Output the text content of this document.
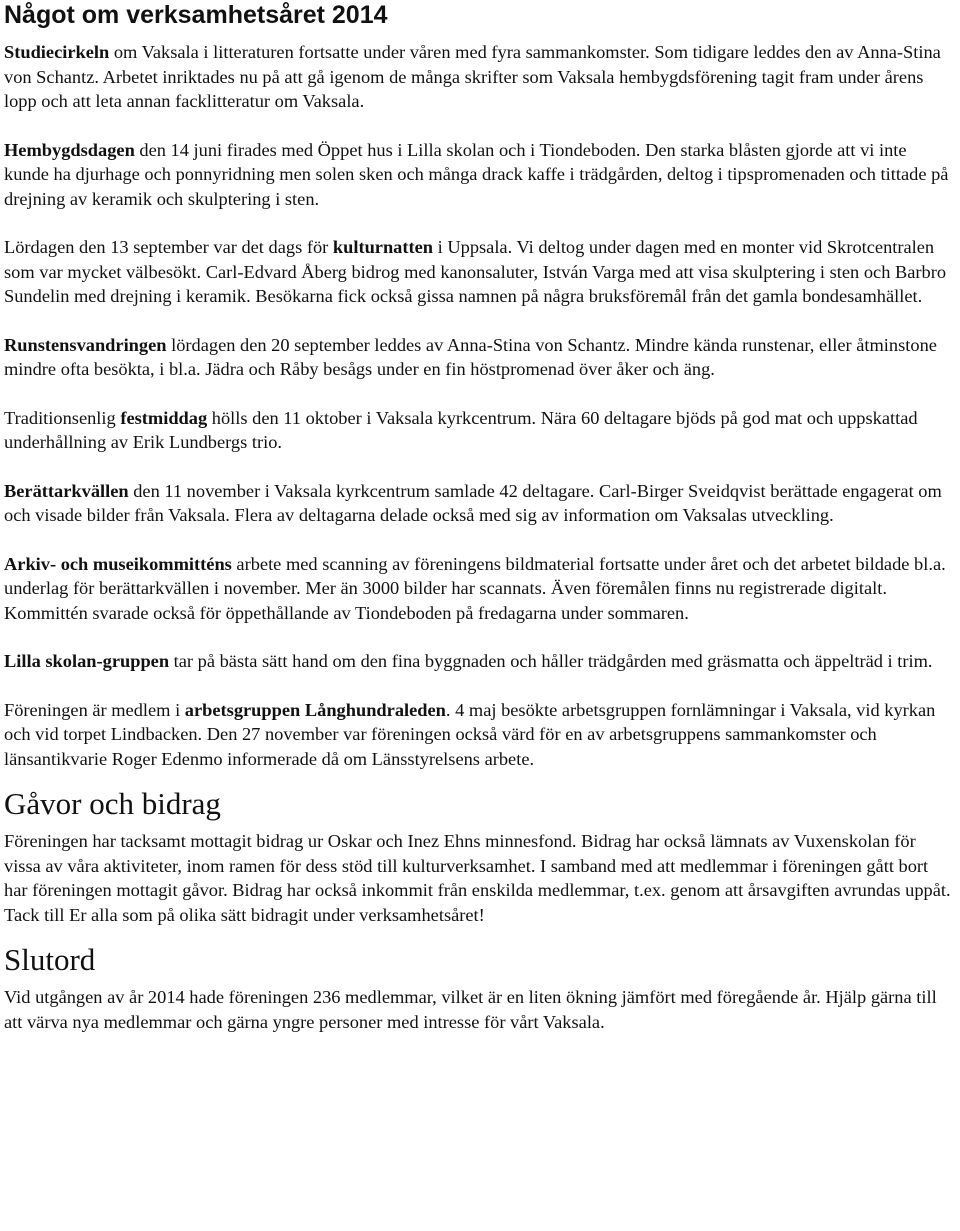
Något om verksamhetsåret 2014

Studiecirkeln om Vaksala i litteraturen fortsatte under våren med fyra sammankomster. Som tidigare leddes den av Anna-Stina von Schantz. Arbetet inriktades nu på att gå igenom de många skrifter som Vaksala hembygdsförening tagit fram under årens lopp och att leta annan facklitteratur om Vaksala.

Hembygdsdagen den 14 juni firades med Öppet hus i Lilla skolan och i Tiondeboden. Den starka blåsten gjorde att vi inte kunde ha djurhage och ponnyridning men solen sken och många drack kaffe i trädgården, deltog i tipspromenaden och tittade på drejning av keramik och skulptering i sten.

Lördagen den 13 september var det dags för kulturnatten i Uppsala. Vi deltog under dagen med en monter vid Skrotcentralen som var mycket välbesökt. Carl-Edvard Åberg bidrog med kanonsaluter, István Varga med att visa skulptering i sten och Barbro Sundelin med drejning i keramik. Besökarna fick också gissa namnen på några bruksföremål från det gamla bondesamhället.

Runstensvandringen lördagen den 20 september leddes av Anna-Stina von Schantz. Mindre kända runstenar, eller åtminstone mindre ofta besökta, i bl.a. Jädra och Råby besågs under en fin höstpromenad över åker och äng.

Traditionsenlig festmiddag hölls den 11 oktober i Vaksala kyrkcentrum. Nära 60 deltagare bjöds på god mat och uppskattad underhållning av Erik Lundbergs trio.

Berättarkvällen den 11 november i Vaksala kyrkcentrum samlade 42 deltagare. Carl-Birger Sveidqvist berättade engagerat om och visade bilder från Vaksala. Flera av deltagarna delade också med sig av information om Vaksalas utveckling.

Arkiv- och museikommitténs arbete med scanning av föreningens bildmaterial fortsatte under året och det arbetet bildade bl.a. underlag för berättarkvällen i november. Mer än 3000 bilder har scannats. Även föremålen finns nu registrerade digitalt. Kommittén svarade också för öppethållande av Tiondeboden på fredagarna under sommaren.

Lilla skolan-gruppen tar på bästa sätt hand om den fina byggnaden och håller trädgården med gräsmatta och äppelträd i trim.

Föreningen är medlem i arbetsgruppen Långhundraleden. 4 maj besökte arbetsgruppen fornlämningar i Vaksala, vid kyrkan och vid torpet Lindbacken. Den 27 november var föreningen också värd för en av arbetsgruppens sammankomster och länsantikvarie Roger Edenmo informerade då om Länsstyrelsens arbete.

Gåvor och bidrag

Föreningen har tacksamt mottagit bidrag ur Oskar och Inez Ehns minnesfond. Bidrag har också lämnats av Vuxenskolan för vissa av våra aktiviteter, inom ramen för dess stöd till kulturverksamhet. I samband med att medlemmar i föreningen gått bort har föreningen mottagit gåvor. Bidrag har också inkommit från enskilda medlemmar, t.ex. genom att årsavgiften avrundas uppåt. Tack till Er alla som på olika sätt bidragit under verksamhetsåret!

Slutord

Vid utgången av år 2014 hade föreningen 236 medlemmar, vilket är en liten ökning jämfört med föregående år. Hjälp gärna till att värva nya medlemmar och gärna yngre personer med intresse för vårt Vaksala.
